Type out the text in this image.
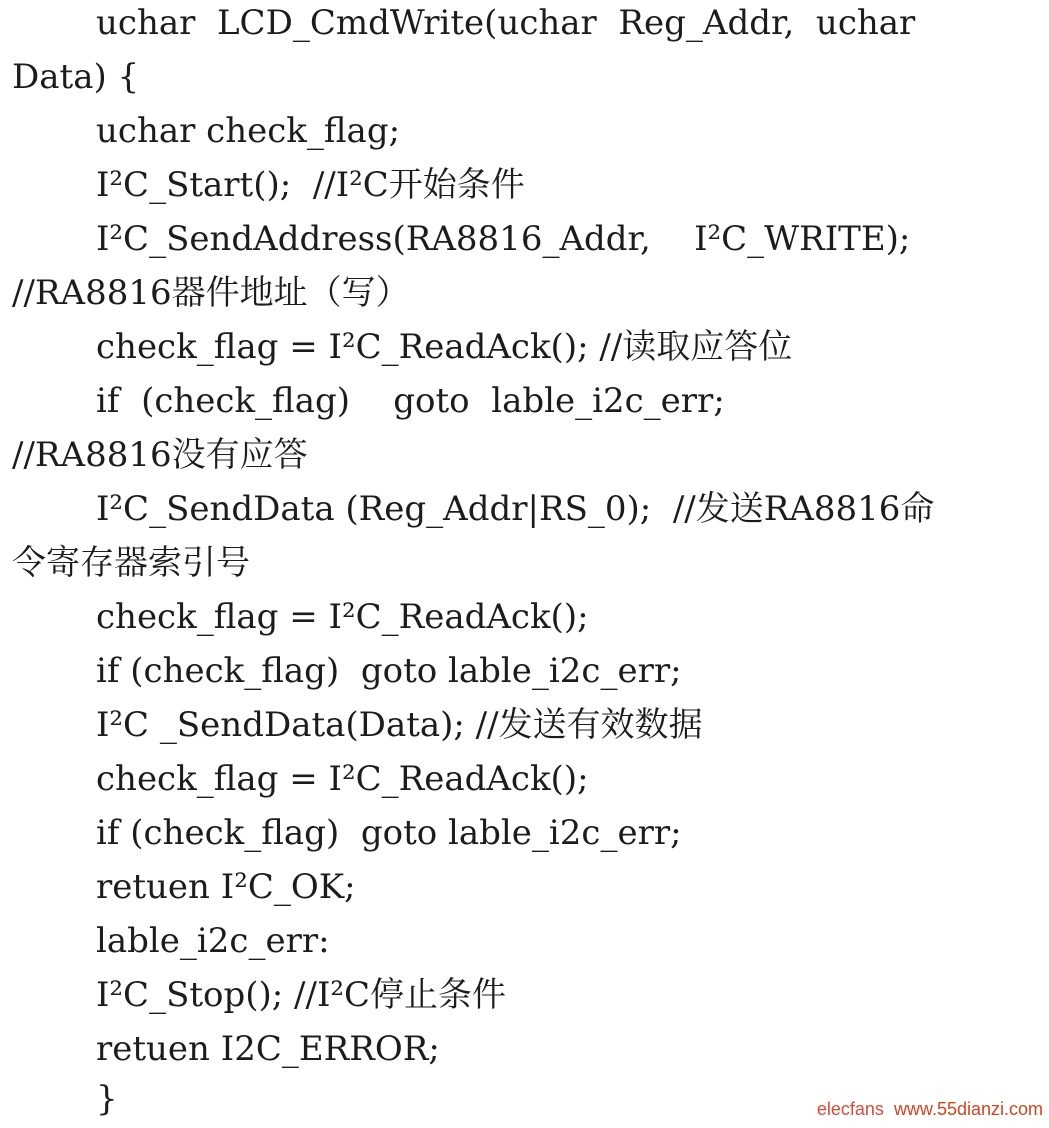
uchar  LCD_CmdWrite(uchar  Reg_Addr,  uchar
Data) {
uchar check_flag;
I²C_Start();  //I²C开始条件
I²C_SendAddress(RA8816_Addr,    I²C_WRITE);
//RA8816器件地址（写）
check_flag = I²C_ReadAck(); //读取应答位
if  (check_flag)    goto  lable_i2c_err;
//RA8816没有应答
I²C_SendData (Reg_Addr|RS_0);  //发送RA8816命
令寄存器索引号
check_flag = I²C_ReadAck();
if (check_flag)  goto lable_i2c_err;
I²C _SendData(Data); //发送有效数据
check_flag = I²C_ReadAck();
if (check_flag)  goto lable_i2c_err;
retuen I²C_OK;
lable_i2c_err:
I²C_Stop(); //I²C停止条件
retuen I2C_ERROR;
}	elecfans www.55dianzi.com
